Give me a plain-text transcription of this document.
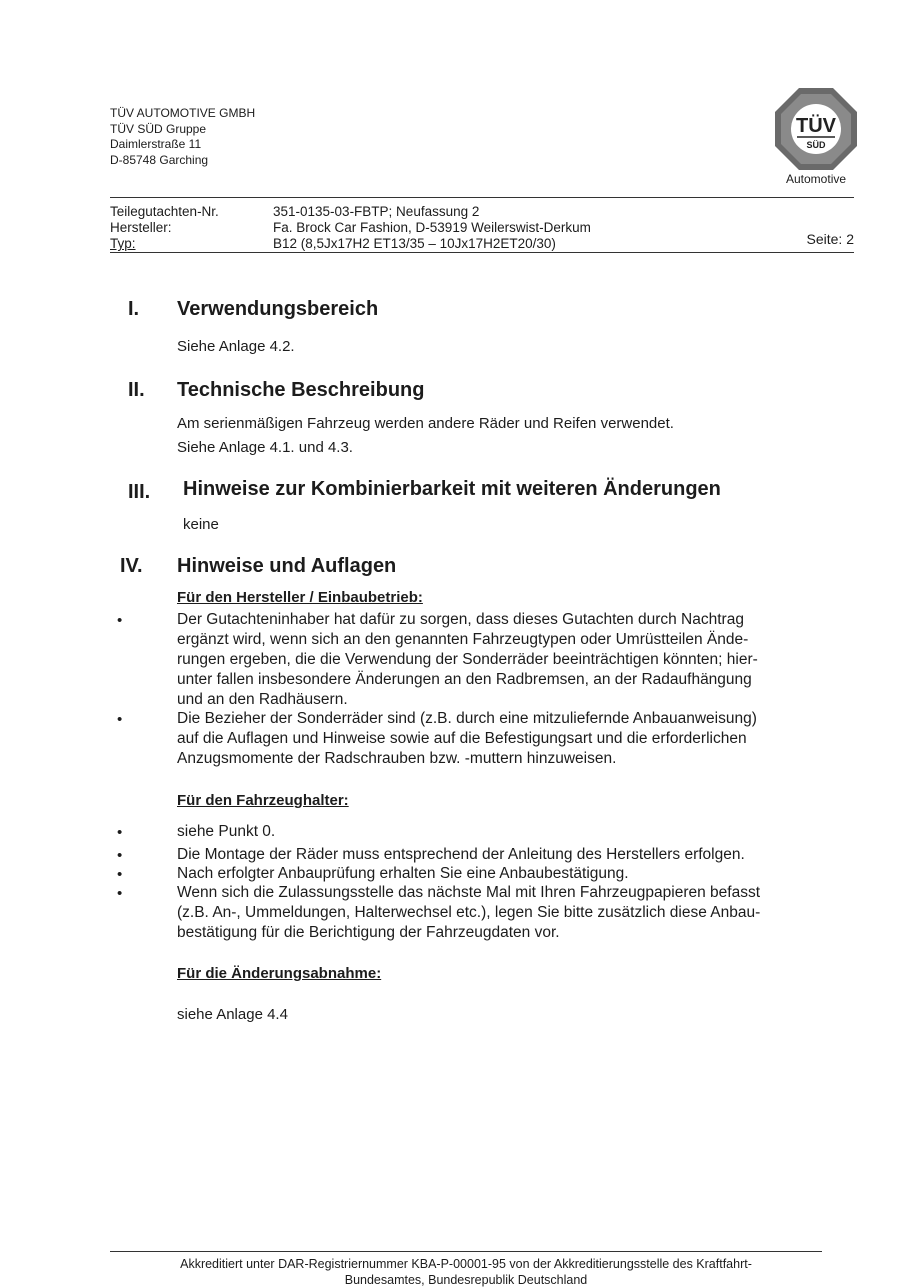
TÜV AUTOMOTIVE GMBH
TÜV SÜD Gruppe
Daimlerstraße 11
D-85748 Garching
TÜV
SÜD
Automotive
Teilegutachten-Nr.	351-0135-03-FBTP; Neufassung 2
Hersteller:	Fa. Brock Car Fashion, D-53919 Weilerswist-Derkum
Typ:	B12 (8,5Jx17H2 ET13/35 – 10Jx17H2ET20/30)	Seite: 2
I. Verwendungsbereich
Siehe Anlage 4.2.
II. Technische Beschreibung
Am serienmäßigen Fahrzeug werden andere Räder und Reifen verwendet.
Siehe Anlage 4.1. und 4.3.
III. Hinweise zur Kombinierbarkeit mit weiteren Änderungen
keine
IV. Hinweise und Auflagen
Für den Hersteller / Einbaubetrieb:
•	Der Gutachteninhaber hat dafür zu sorgen, dass dieses Gutachten durch Nachtrag
ergänzt wird, wenn sich an den genannten Fahrzeugtypen oder Umrüstteilen Ände-
rungen ergeben, die die Verwendung der Sonderräder beeinträchtigen könnten; hier-
unter fallen insbesondere Änderungen an den Radbremsen, an der Radaufhängung
und an den Radhäusern.
•	Die Bezieher der Sonderräder sind (z.B. durch eine mitzuliefernde Anbauanweisung)
auf die Auflagen und Hinweise sowie auf die Befestigungsart und die erforderlichen
Anzugsmomente der Radschrauben bzw. -muttern hinzuweisen.
Für den Fahrzeughalter:
•	siehe Punkt 0.
•	Die Montage der Räder muss entsprechend der Anleitung des Herstellers erfolgen.
•	Nach erfolgter Anbauprüfung erhalten Sie eine Anbaubestätigung.
•	Wenn sich die Zulassungsstelle das nächste Mal mit Ihren Fahrzeugpapieren befasst
(z.B. An-, Ummeldungen, Halterwechsel etc.), legen Sie bitte zusätzlich diese Anbau-
bestätigung für die Berichtigung der Fahrzeugdaten vor.
Für die Änderungsabnahme:
siehe Anlage 4.4
Akkreditiert unter DAR-Registriernummer KBA-P-00001-95 von der Akkreditierungsstelle des Kraftfahrt-
Bundesamtes, Bundesrepublik Deutschland
